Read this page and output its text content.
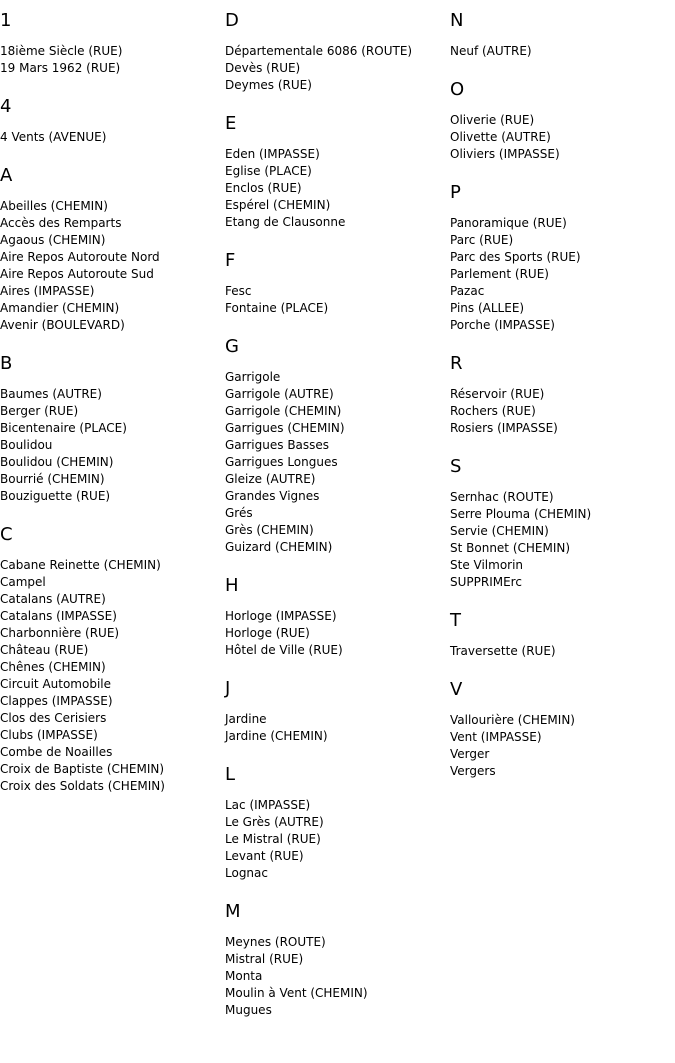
1
18ième Siècle (RUE)
19 Mars 1962 (RUE)
4
4 Vents (AVENUE)
A
Abeilles (CHEMIN)
Accès des Remparts
Agaous (CHEMIN)
Aire Repos Autoroute Nord
Aire Repos Autoroute Sud
Aires (IMPASSE)
Amandier (CHEMIN)
Avenir (BOULEVARD)
B
Baumes (AUTRE)
Berger (RUE)
Bicentenaire (PLACE)
Boulidou
Boulidou (CHEMIN)
Bourrié (CHEMIN)
Bouziguette (RUE)
C
Cabane Reinette (CHEMIN)
Campel
Catalans (AUTRE)
Catalans (IMPASSE)
Charbonnière (RUE)
Château (RUE)
Chênes (CHEMIN)
Circuit Automobile
Clappes (IMPASSE)
Clos des Cerisiers
Clubs (IMPASSE)
Combe de Noailles
Croix de Baptiste (CHEMIN)
Croix des Soldats (CHEMIN)
D
Départementale 6086 (ROUTE)
Devès (RUE)
Deymes (RUE)
E
Eden (IMPASSE)
Eglise (PLACE)
Enclos (RUE)
Espérel (CHEMIN)
Etang de Clausonne
F
Fesc
Fontaine (PLACE)
G
Garrigole
Garrigole (AUTRE)
Garrigole (CHEMIN)
Garrigues (CHEMIN)
Garrigues Basses
Garrigues Longues
Gleize (AUTRE)
Grandes Vignes
Grés
Grès (CHEMIN)
Guizard (CHEMIN)
H
Horloge (IMPASSE)
Horloge (RUE)
Hôtel de Ville (RUE)
J
Jardine
Jardine (CHEMIN)
L
Lac (IMPASSE)
Le Grès (AUTRE)
Le Mistral (RUE)
Levant (RUE)
Lognac
M
Meynes (ROUTE)
Mistral (RUE)
Monta
Moulin à Vent (CHEMIN)
Mugues
N
Neuf (AUTRE)
O
Oliverie (RUE)
Olivette (AUTRE)
Oliviers (IMPASSE)
P
Panoramique (RUE)
Parc (RUE)
Parc des Sports (RUE)
Parlement (RUE)
Pazac
Pins (ALLEE)
Porche (IMPASSE)
R
Réservoir (RUE)
Rochers (RUE)
Rosiers (IMPASSE)
S
Sernhac (ROUTE)
Serre Plouma (CHEMIN)
Servie (CHEMIN)
St Bonnet (CHEMIN)
Ste Vilmorin
SUPPRIMErc
T
Traversette (RUE)
V
Vallourière (CHEMIN)
Vent (IMPASSE)
Verger
Vergers
